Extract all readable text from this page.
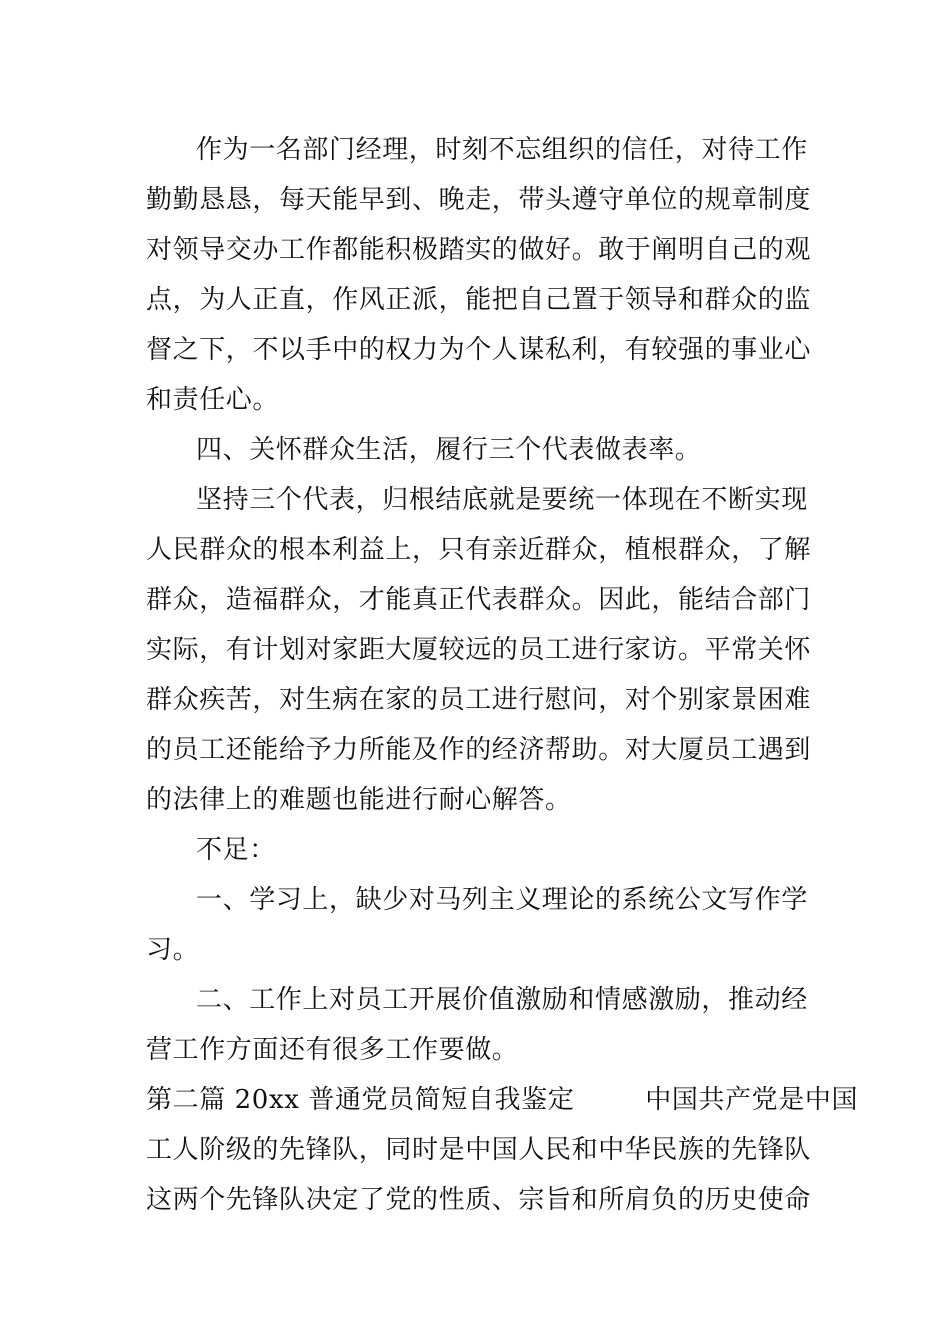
作为一名部门经理，时刻不忘组织的信任，对待工作
勤勤恳恳，每天能早到、晚走，带头遵守单位的规章制度
对领导交办工作都能积极踏实的做好。敢于阐明自己的观
点，为人正直，作风正派，能把自己置于领导和群众的监
督之下，不以手中的权力为个人谋私利，有较强的事业心
和责任心。
四、关怀群众生活，履行三个代表做表率。
坚持三个代表，归根结底就是要统一体现在不断实现
人民群众的根本利益上，只有亲近群众，植根群众，了解
群众，造福群众，才能真正代表群众。因此，能结合部门
实际，有计划对家距大厦较远的员工进行家访。平常关怀
群众疾苦，对生病在家的员工进行慰问，对个别家景困难
的员工还能给予力所能及作的经济帮助。对大厦员工遇到
的法律上的难题也能进行耐心解答。
不足：
一、学习上，缺少对马列主义理论的系统公文写作学
习。
二、工作上对员工开展价值激励和情感激励，推动经
营工作方面还有很多工作要做。
第二篇 20xx 普通党员简短自我鉴定        中国共产党是中国
工人阶级的先锋队，同时是中国人民和中华民族的先锋队
这两个先锋队决定了党的性质、宗旨和所肩负的历史使命
